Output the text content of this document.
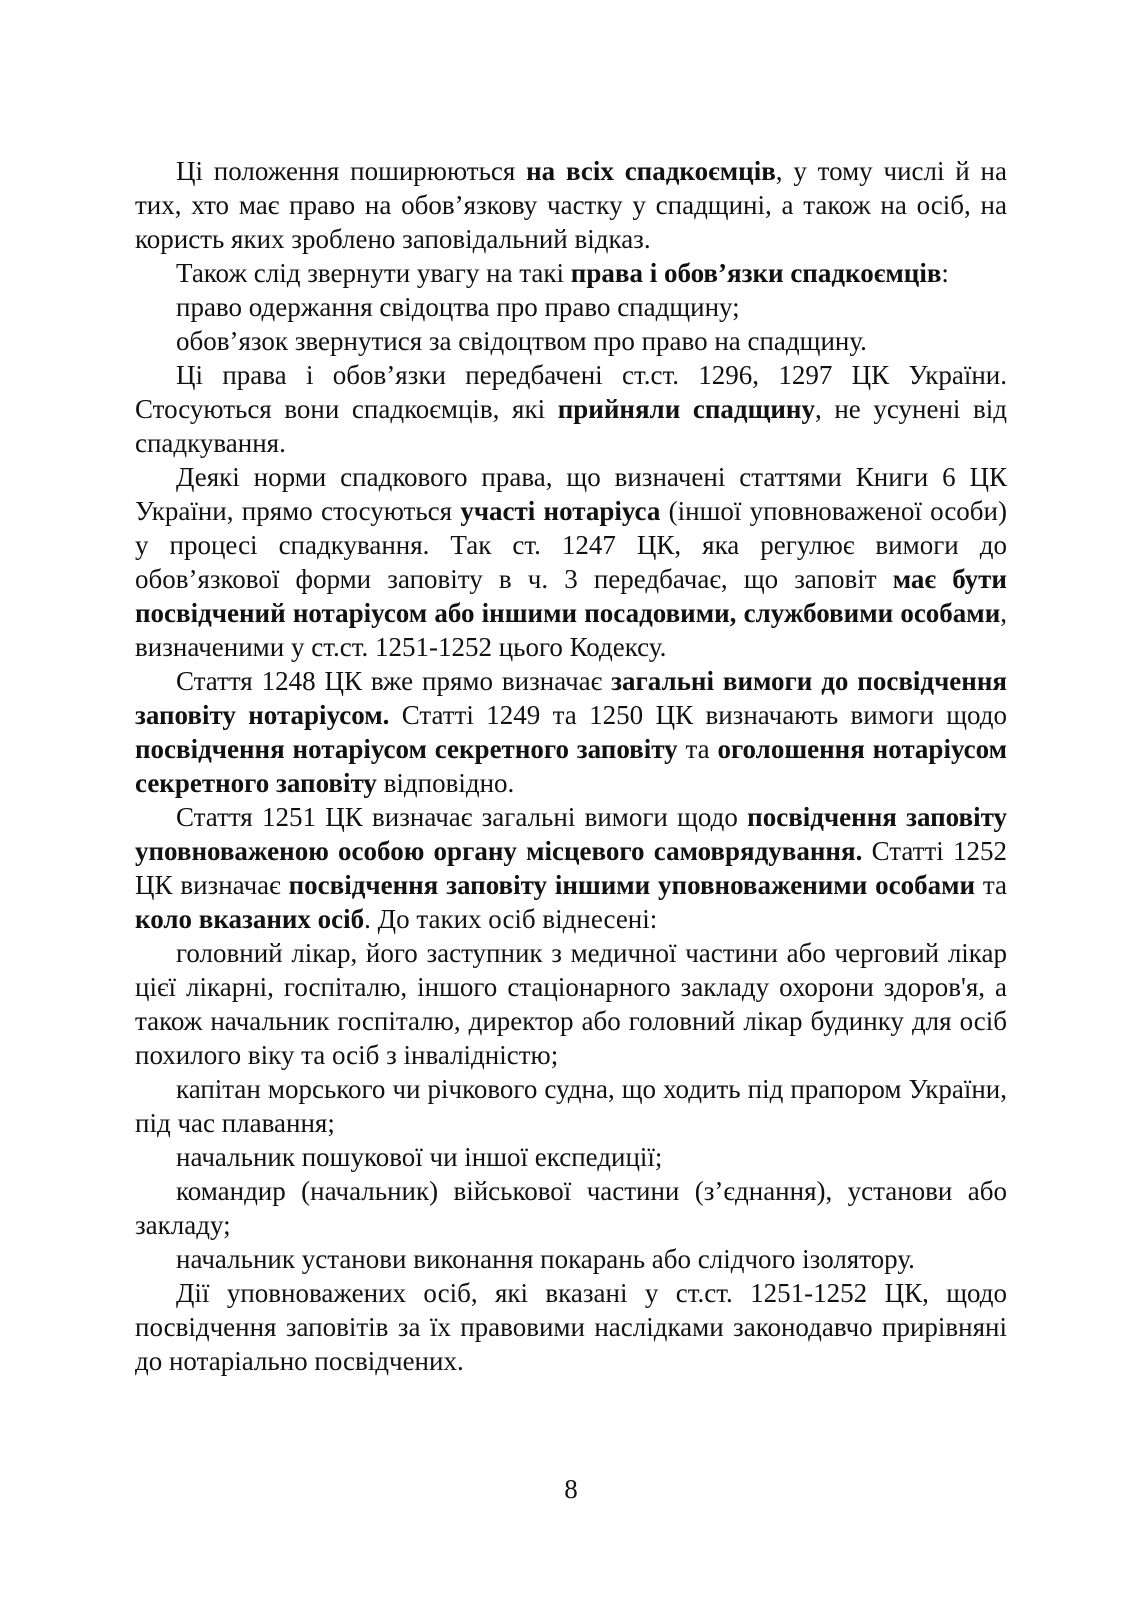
Ці положення поширюються на всіх спадкоємців, у тому числі й на тих, хто має право на обов’язкову частку у спадщині, а також на осіб, на користь яких зроблено заповідальний відказ.

Також слід звернути увагу на такі права і обов’язки спадкоємців:

право одержання свідоцтва про право спадщину;

обов’язок звернутися за свідоцтвом про право на спадщину.

Ці права і обов’язки передбачені ст.ст. 1296, 1297 ЦК України. Стосуються вони спадкоємців, які прийняли спадщину, не усунені від спадкування.

Деякі норми спадкового права, що визначені статтями Книги 6 ЦК України, прямо стосуються участі нотаріуса (іншої уповноваженої особи) у процесі спадкування. Так ст. 1247 ЦК, яка регулює вимоги до обов’язкової форми заповіту в ч. 3 передбачає, що заповіт має бути посвідчений нотаріусом або іншими посадовими, службовими особами, визначеними у ст.ст. 1251-1252 цього Кодексу.

Стаття 1248 ЦК вже прямо визначає загальні вимоги до посвідчення заповіту нотаріусом. Статті 1249 та 1250 ЦК визначають вимоги щодо посвідчення нотаріусом секретного заповіту та оголошення нотаріусом секретного заповіту відповідно.

Стаття 1251 ЦК визначає загальні вимоги щодо посвідчення заповіту уповноваженою особою органу місцевого самоврядування. Статті 1252 ЦК визначає посвідчення заповіту іншими уповноваженими особами та коло вказаних осіб. До таких осіб віднесені:

головний лікар, його заступник з медичної частини або черговий лікар цієї лікарні, госпіталю, іншого стаціонарного закладу охорони здоров'я, а також начальник госпіталю, директор або головний лікар будинку для осіб похилого віку та осіб з інвалідністю;

капітан морського чи річкового судна, що ходить під прапором України, під час плавання;

начальник пошукової чи іншої експедиції;

командир (начальник) військової частини (з’єднання), установи або закладу;

начальник установи виконання покарань або слідчого ізолятору.

Дії уповноважених осіб, які вказані у ст.ст. 1251-1252 ЦК, щодо посвідчення заповітів за їх правовими наслідками законодавчо прирівняні до нотаріально посвідчених.

8
